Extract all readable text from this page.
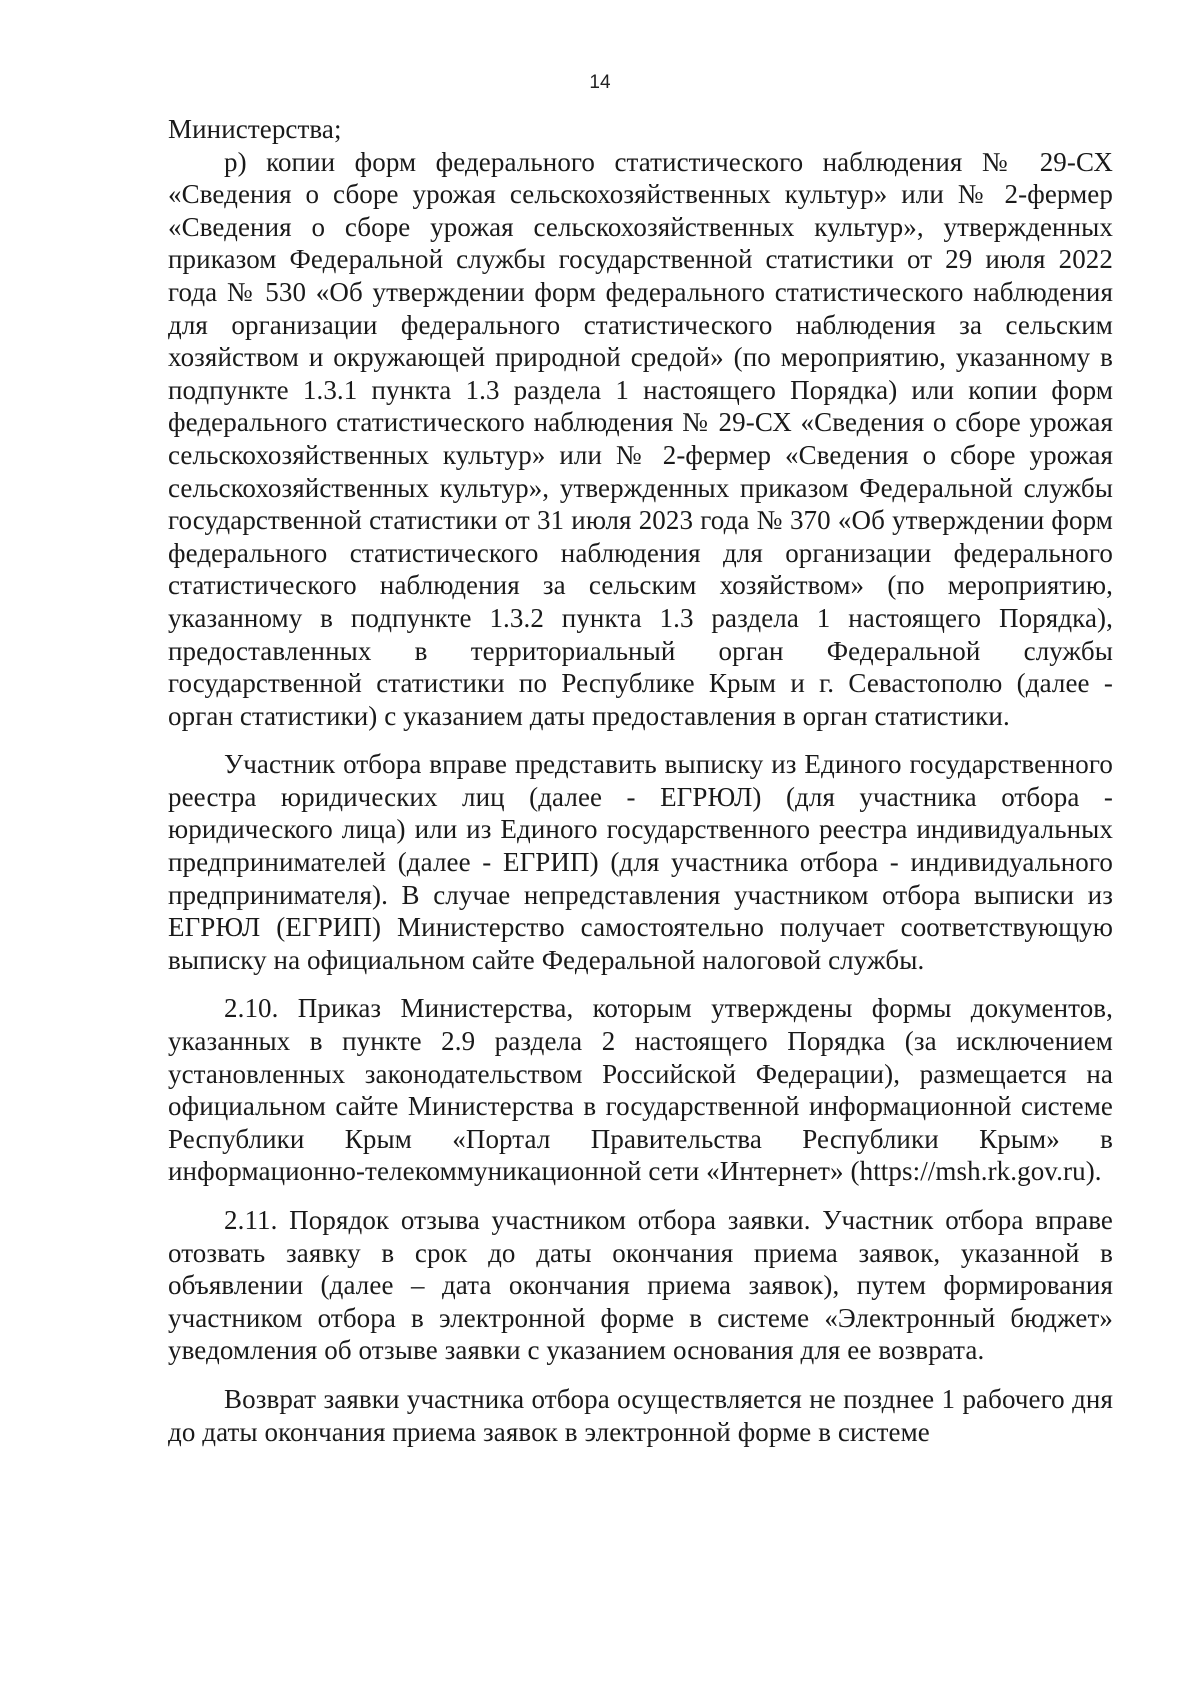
14

Министерства;

р) копии форм федерального статистического наблюдения № 29-СХ «Сведения о сборе урожая сельскохозяйственных культур» или № 2-фермер «Сведения о сборе урожая сельскохозяйственных культур», утвержденных приказом Федеральной службы государственной статистики от 29 июля 2022 года № 530 «Об утверждении форм федерального статистического наблюдения для организации федерального статистического наблюдения за сельским хозяйством и окружающей природной средой» (по мероприятию, указанному в подпункте 1.3.1 пункта 1.3 раздела 1 настоящего Порядка) или копии форм федерального статистического наблюдения № 29-СХ «Сведения о сборе урожая сельскохозяйственных культур» или № 2-фермер «Сведения о сборе урожая сельскохозяйственных культур», утвержденных приказом Федеральной службы государственной статистики от 31 июля 2023 года № 370 «Об утверждении форм федерального статистического наблюдения для организации федерального статистического наблюдения за сельским хозяйством» (по мероприятию, указанному в подпункте 1.3.2 пункта 1.3 раздела 1 настоящего Порядка), предоставленных в территориальный орган Федеральной службы государственной статистики по Республике Крым и г. Севастополю (далее - орган статистики) с указанием даты предоставления в орган статистики.

Участник отбора вправе представить выписку из Единого государственного реестра юридических лиц (далее - ЕГРЮЛ) (для участника отбора - юридического лица) или из Единого государственного реестра индивидуальных предпринимателей (далее - ЕГРИП) (для участника отбора - индивидуального предпринимателя). В случае непредставления участником отбора выписки из ЕГРЮЛ (ЕГРИП) Министерство самостоятельно получает соответствующую выписку на официальном сайте Федеральной налоговой службы.

2.10. Приказ Министерства, которым утверждены формы документов, указанных в пункте 2.9 раздела 2 настоящего Порядка (за исключением установленных законодательством Российской Федерации), размещается на официальном сайте Министерства в государственной информационной системе Республики Крым «Портал Правительства Республики Крым» в информационно-телекоммуникационной сети «Интернет» (https://msh.rk.gov.ru).

2.11. Порядок отзыва участником отбора заявки. Участник отбора вправе отозвать заявку в срок до даты окончания приема заявок, указанной в объявлении (далее – дата окончания приема заявок), путем формирования участником отбора в электронной форме в системе «Электронный бюджет» уведомления об отзыве заявки с указанием основания для ее возврата.

Возврат заявки участника отбора осуществляется не позднее 1 рабочего дня до даты окончания приема заявок в электронной форме в системе
